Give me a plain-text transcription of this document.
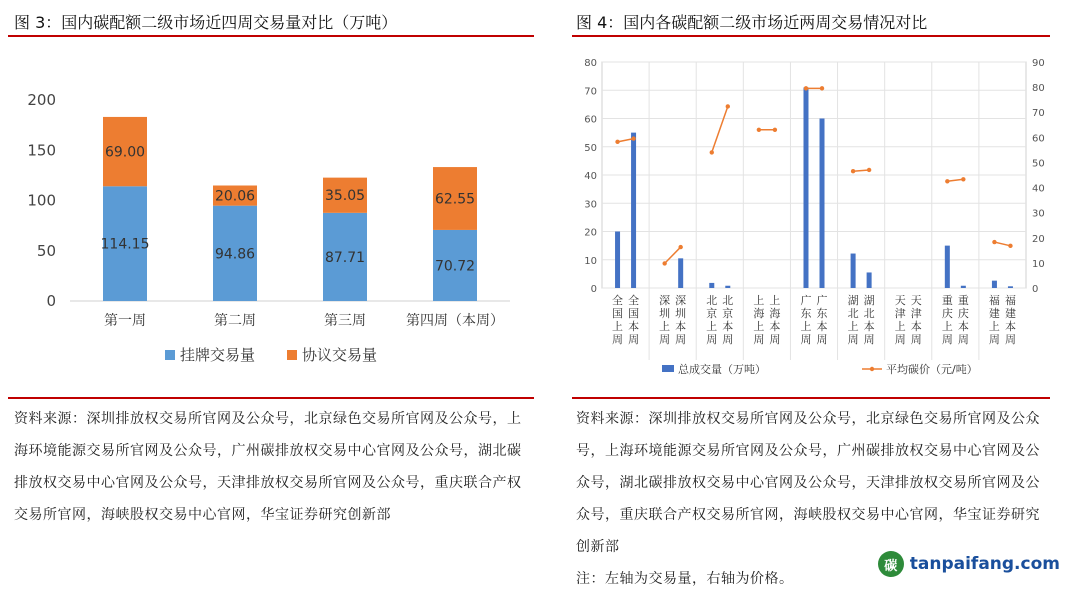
图 3：国内碳配额二级市场近四周交易量对比（万吨）
0
50
100
150
200
114.15
69.00
第一周
94.86
20.06
第二周
87.71
35.05
第三周
70.72
62.55
第四周（本周）
挂牌交易量	协议交易量
资料来源：深圳排放权交易所官网及公众号，北京绿色交易所官网及公众号，上海环境能源交易所官网及公众号，广州碳排放权交易中心官网及公众号，湖北碳排放权交易中心官网及公众号，天津排放权交易所官网及公众号，重庆联合产权交易所官网，海峡股权交易中心官网，华宝证券研究创新部
图 4：国内各碳配额二级市场近两周交易情况对比
0
10
20
30
40
50
60
70
80
0
10
20
30
40
50
60
70
80
90
全
国
上
周
全
国
本
周
深
圳
上
周
深
圳
本
周
北
京
上
周
北
京
本
周
上
海
上
周
上
海
本
周
广
东
上
周
广
东
本
周
湖
北
上
周
湖
北
本
周
天
津
上
周
天
津
本
周
重
庆
上
周
重
庆
本
周
福
建
上
周
福
建
本
周
总成交量（万吨）	平均碳价（元/吨）
资料来源：深圳排放权交易所官网及公众号，北京绿色交易所官网及公众号，上海环境能源交易所官网及公众号，广州碳排放权交易中心官网及公众号，湖北碳排放权交易中心官网及公众号，天津排放权交易所官网及公众号，重庆联合产权交易所官网，海峡股权交易中心官网，华宝证券研究创新部
注：左轴为交易量，右轴为价格。
碳 tanpaifang.com
